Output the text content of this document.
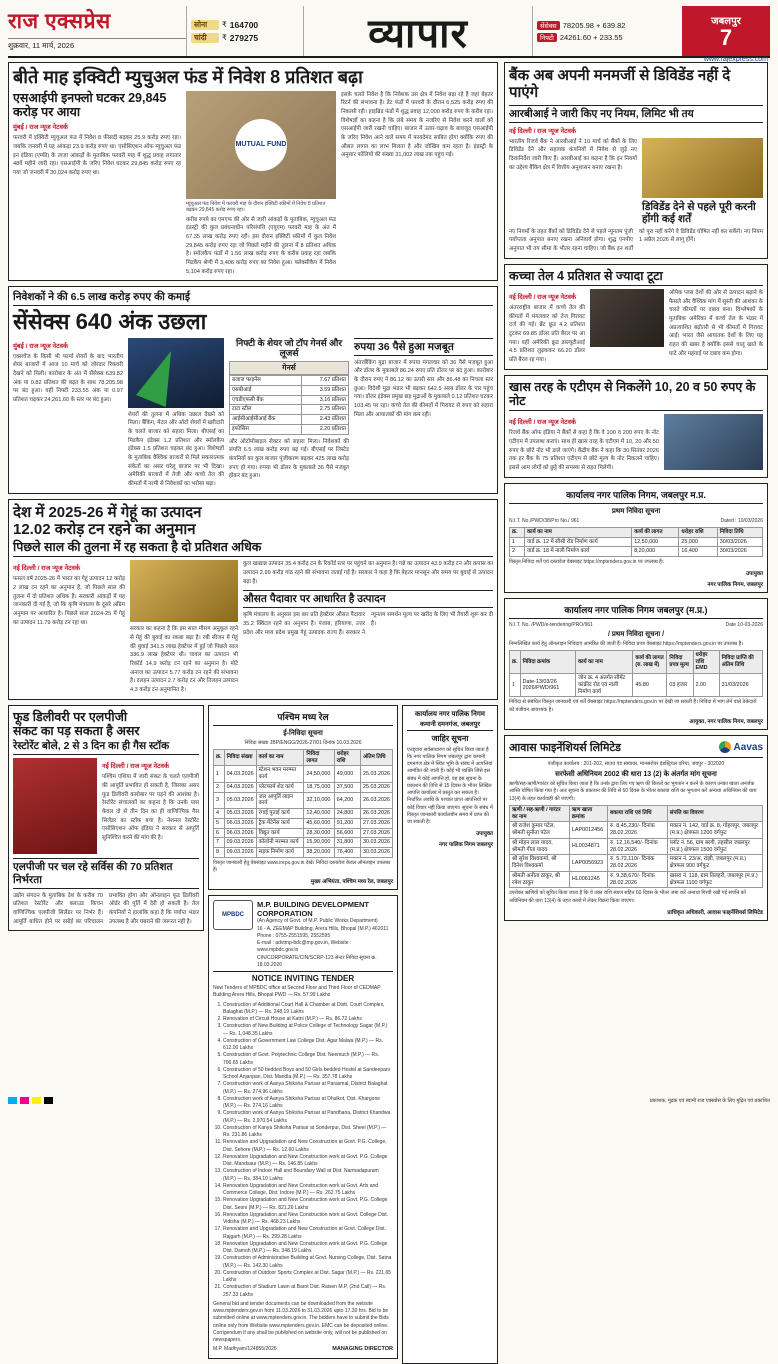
राज एक्सप्रेस
शुक्रवार, 11 मार्च, 2026
सोना	₹ 164700
चांदी	₹ 279275	व्यापार	सेंसेक्स 78205.98 + 639.82
निफ्टी 24261.60 + 233.55
जबलपुर
7
www.rajexpress.com
बीते माह इक्विटी म्युचुअल फंड में निवेश 8 प्रतिशत बढ़ा
एसआईपी इनफ्लो घटकर 29,845 करोड़ पर आया
मुंबई / राज न्यूज नेटवर्क
फरवरी में इक्विटी म्युचुअल फंड में निवेश 8 फीसदी बढ़कर 25.9 करोड़ रुपए रहा। जबकि जनवरी में यह आंकड़ा 23.9 करोड़ रुपए था। एसोसिएशन ऑफ म्युचुअल फंड इन इंडिया (एम्फी) के ताजा आंकड़ों के मुताबिक फरवरी माह में शुद्ध प्रवाह लगातार 48वें महीने जारी रहा। एसआईपी के जरिए निवेश घटकर 29,845 करोड़ रुपए रह गया जो जनवरी में 30,024 करोड़ रुपए था।
MUTUAL FUND
म्युचुअल फंड निवेश में फरवरी माह के दौरान इक्विटी स्कीमों में निवेश 8 प्रतिशत बढ़कर 29,845 करोड़ रुपए रहा।
करीब रुपये का एमएफ की ओर से जारी आंकड़ों के मुताबिक, म्युचुअल फंड इंडस्ट्री की कुल प्रबंधनाधीन परिसंपत्ति (एयूएम) फरवरी माह के अंत में 67.35 लाख करोड़ रुपए रही। इस दौरान इक्विटी स्कीमों में कुल निवेश 29,845 करोड़ रुपए रहा जो पिछले महीने की तुलना में 8 प्रतिशत अधिक है। स्मॉलकैप फंडों में 1.56 लाख करोड़ रुपए के करीब प्रवाह रहा जबकि मिडकैप श्रेणी में 3,406 करोड़ रुपए का निवेश हुआ। फ्लेक्सीकैप में निवेश 5,104 करोड़ रुपए रहा।
इसके चलते निवेश है कि निवेशक उस क्षेत्र में निवेश बढ़ा रहे हैं जहां बेहतर रिटर्न की संभावना है। डेट फंडों में फरवरी के दौरान 6,525 करोड़ रुपए की निकासी रही। हाइब्रिड फंडों में शुद्ध प्रवाह 12,000 करोड़ रुपए के करीब रहा। विशेषज्ञों का कहना है कि लंबे समय के नजरिए से निवेश करने वालों को एसआईपी जारी रखनी चाहिए। बाजार में उतार-चढ़ाव के बावजूद एसआईपी के जरिए निवेश आने वाले समय में फायदेमंद साबित होगा क्योंकि रुपए की औसत लागत का लाभ मिलता है और जोखिम कम रहता है। इंडस्ट्री के अनुसार फोलियो की संख्या 31,002 लाख तक पहुंच गई।
निवेशकों ने की 6.5 लाख करोड़ रुपए की कमाई
सेंसेक्स 640 अंक उछला
मुंबई / राज न्यूज नेटवर्क
एक्सचेंज के किसी भी फार्मा शेयरों के बाद भारतीय शेयर बाजारों में आज 10 मार्च को जोरदार रिकवरी देखने को मिली। कारोबार के अंत में सेंसेक्स 639.82 अंक या 0.82 प्रतिशत की बढ़त के साथ 78,205.98 पर बंद हुआ। वहीं निफ्टी 233.55 अंक या 0.97 प्रतिशत चढ़कर 24,261.60 के स्तर पर बंद हुआ।
शेयरों की तुलना में अधिक उछाल देखने को मिला। बैंकिंग, मेटल और ऑटो शेयरों में खरीदारी के चलते बाजार को सहारा मिला। बीएसई का मिडकैप इंडेक्स 1.2 प्रतिशत और स्मॉलकैप इंडेक्स 1.5 प्रतिशत चढ़कर बंद हुआ। विशेषज्ञों के मुताबिक वैश्विक बाजारों से मिले सकारात्मक संकेतों का असर घरेलू बाजार पर भी दिखा। अमेरिकी बाजारों में तेजी और कच्चे तेल की कीमतों में नरमी से निवेशकों का भरोसा बढ़ा।
निफ्टी के शेयर जो टॉप गेनर्स और लूजर्स
गेनर्स
बजाज फाइनेंस	7.67 प्रतिशत
एसबीआई	3.59 प्रतिशत
एचडीएफसी बैंक	3.16 प्रतिशत
टाटा स्टील	2.75 प्रतिशत
आईसीआईसीआई बैंक	2.43 प्रतिशत
इंफोसिस	2.20 प्रतिशत
और ऑटोमोबाइल सेक्टर को सहारा मिला। निवेशकों की संपत्ति 6.5 लाख करोड़ रुपए बढ़ गई। बीएसई पर लिस्टेड कंपनियों का कुल बाजार पूंजीकरण बढ़कर 425 लाख करोड़ रुपए हो गया। रुपया भी डॉलर के मुकाबले 36 पैसे मजबूत होकर बंद हुआ।
रुपया 36 पैसे हुआ मजबूत
अंतरबैंकिंग मुद्रा बाजार में रुपया मंगलवार को 36 पैसे मजबूत हुआ और डॉलर के मुकाबले 86.24 रुपए प्रति डॉलर पर बंद हुआ। कारोबार के दौरान रुपए ने 86.12 का ऊपरी स्तर और 86.48 का निचला स्तर छुआ। विदेशी मुद्रा भंडार भी बढ़कर 642.5 अरब डॉलर के पार पहुंच गया। डॉलर इंडेक्स प्रमुख छह मुद्राओं के मुकाबले 0.12 प्रतिशत घटकर 103.45 पर रहा। कच्चे तेल की कीमतों में गिरावट से रुपए को सहारा मिला और आयातकों की मांग कम रही।
देश में 2025-26 में गेहूं का उत्पादन
12.02 करोड़ टन रहने का अनुमान
पिछले साल की तुलना में रह सकता है दो प्रतिशत अधिक
नई दिल्ली / राज न्यूज नेटवर्क
फसल वर्ष 2025-26 में भारत का गेहूं उत्पादन 12 करोड़ 2 लाख टन रहने का अनुमान है, जो पिछले साल की तुलना में दो प्रतिशत अधिक है। सरकारी आंकड़ों में यह जानकारी दी गई है, जो कि कृषि मंत्रालय के दूसरे अग्रिम अनुमान पर आधारित है। पिछले साल 2024-25 में गेहूं का उत्पादन 11.79 करोड़ टन रहा था।
सरकार का कहना है कि इस साल मौसम अनुकूल रहने से गेहूं की बुवाई का रकबा बढ़ा है। रबी सीजन में गेहूं की बुवाई 341.5 लाख हेक्टेयर में हुई जो पिछले साल 336.9 लाख हेक्टेयर थी। चावल का उत्पादन भी रिकॉर्ड 14.9 करोड़ टन रहने का अनुमान है। मोटे अनाज का उत्पादन 5.77 करोड़ टन रहने की संभावना है। दलहन उत्पादन 2.7 करोड़ टन और तिलहन उत्पादन 4.3 करोड़ टन अनुमानित है।
कुल खाद्यान्न उत्पादन 35.4 करोड़ टन के रिकॉर्ड स्तर पर पहुंचने का अनुमान है। गन्ने का उत्पादन 43.9 करोड़ टन और कपास का उत्पादन 2.99 करोड़ गांठ रहने की संभावना जताई गई है। सरकार ने कहा है कि बेहतर मानसून और समय पर बुवाई से उत्पादन बढ़ा है।
औसत पैदावार पर आधारित है उत्पादन
कृषि मंत्रालय के अनुसार इस बार प्रति हेक्टेयर औसत पैदावार 35.2 क्विंटल रहने का अनुमान है। पंजाब, हरियाणा, उत्तर प्रदेश और मध्य प्रदेश प्रमुख गेहूं उत्पादक राज्य हैं। सरकार ने न्यूनतम समर्थन मूल्य पर खरीद के लिए भी तैयारी शुरू कर दी है।
फूड डिलीवरी पर एलपीजी
संकट का पड़ सकता है असर
रेस्टोरेंट बोले, 2 से 3 दिन का ही गैस स्टॉक
नई दिल्ली / राज न्यूज नेटवर्क
पश्चिम एशिया में जारी संकट के चलते एलपीजी की आपूर्ति प्रभावित हो सकती है, जिसका असर फूड डिलीवरी कारोबार पर पड़ने की आशंका है। रेस्टोरेंट संचालकों का कहना है कि उनके पास केवल दो से तीन दिन का ही वाणिज्यिक गैस सिलेंडर का स्टॉक बचा है। नेशनल रेस्टोरेंट एसोसिएशन ऑफ इंडिया ने सरकार से आपूर्ति सुनिश्चित करने की मांग की है।
एलपीजी पर चल रहे सर्विस की 70 प्रतिशत निर्भरता
उद्योग संगठन के मुताबिक देश के करीब 70 प्रतिशत रेस्टोरेंट और क्लाउड किचन वाणिज्यिक एलपीजी सिलेंडर पर निर्भर हैं। आपूर्ति बाधित होने पर रसोई का परिचालन प्रभावित होगा और ऑनलाइन फूड डिलीवरी ऑर्डर की पूर्ति में देरी हो सकती है। तेल कंपनियों ने हालांकि कहा है कि पर्याप्त भंडार उपलब्ध है और घबराने की जरूरत नहीं है।
पश्चिम मध्य रेल
ई-निविदा सूचना
निविदा संख्या JBP/ENGG/2026-27/01 दिनांक 10.03.2026
क्र.	निविदा संख्या	कार्य का नाम	निविदा लागत	धरोहर राशि	अंतिम तिथि
1	04.03.2026	स्टेशन भवन मरम्मत कार्य	24,50,000	49,000	25.03.2026
2	04.03.2026	प्लेटफार्म शेड कार्य	18,75,000	37,500	25.03.2026
3	05.03.2026	जल आपूर्ति लाइन कार्य	32,10,000	64,200	26.03.2026
4	05.03.2026	रंगाई पुताई कार्य	12,40,000	24,800	26.03.2026
5	06.03.2026	ट्रैक मेंटेनेंस कार्य	45,60,000	91,200	27.03.2026
6	06.03.2026	विद्युत कार्य	28,30,000	56,600	27.03.2026
7	09.03.2026	कॉलोनी मरम्मत कार्य	15,90,000	31,800	30.03.2026
8	09.03.2026	सड़क निर्माण कार्य	38,20,000	76,400	30.03.2026
विस्तृत जानकारी हेतु वेबसाइट www.ireps.gov.in देखें। निविदा दस्तावेज केवल ऑनलाइन उपलब्ध हैं।
मुख्य अभियंता, पश्चिम मध्य रेल, जबलपुर
MPBDC
M.P. BUILDING DEVELOPMENT CORPORATION
(An Agency of Govt. of M.P. Public Works Department)
16 - A, ZEEMAP Building, Arera Hills, Bhopal (M.P.) 462011
Phone : 0755-2551595, 2552595
E-mail : advtmp-bdc@mp.gov.in, Website : www.mpbdc.gov.in
CIN/CORPORATE/CIN/SCRP-123 सेन्टर निविदा सूचना क्र. 18.03.2026
NOTICE INVITING TENDER
New Tenders of MPBDC office at Second Floor and Third Floor of CEDMAP Building Arera Hills, Bhopal PWD — Rs. 57.99 Lakhs
1. Construction of Additional Court Hall & Chamber at Distt. Court Complex, Balaghat (M.P.) — Rs. 248.19 Lakhs
2. Renovation of Circuit House at Katni (M.P.) — Rs. 86.72 Lakhs
3. Construction of New Building at Police College of Technology Sagar (M.P.) — Rs. 1,048.35 Lakhs
4. Construction of Government Law College Dist. Agar Malwa (M.P.) — Rs. 612.00 Lakhs
5. Construction of Govt. Polytechnic College Dist. Neemuch (M.P.) — Rs. 706.65 Lakhs
6. Construction of 50 bedded Boys and 50 Girls bedded Hostel at Sandeepani School Anjanpan, Dist. Mandla (M.P.) — Rs. 357.78 Lakhs
7. Construction work of Aanya Shiksha Parisar at Parasmal, District Balaghat (M.P.) — Rs. 274.96 Lakhs
8. Construction work of Aanya Shiksha Parisar at Dhulkot, Dist. Khargone (M.P.) — Rs. 274.16 Lakhs
9. Construction work of Aanya Shiksha Parisar at Pandhana, District Khandwa (M.P.) — Rs. 2,970.54 Lakhs
10. Construction of Kanya Shiksha Parisar at Sonderpur, Dist. Sheel (M.P.) — Rs. 231.86 Lakhs
11. Renovation and Upgradation and New Construction at Govt. P.G. College, Dist. Sehore (M.P.) — Rs. 12.60 Lakhs
12. Renovation Upgradation and New Construction work at Govt. P.G. College Dist. Mandsaur (M.P.) — Rs. 146.85 Lakhs
13. Construction of Indoor Hall and Boundary Wall at Dist. Narmadapuram (M.P.) — Rs. 384.10 Lakhs
14. Renovation Upgradation and New Construction work at Govt. Arts and Commerce College, Dist. Indore (M.P.) — Rs. 262.75 Lakhs
15. Renovation Upgradation and New Construction work at Govt. P.G. College Dist. Seoni (M.P.) — Rs. 821.26 Lakhs
16. Renovation Upgradation and New Construction work at Govt. College Dist. Vidisha (M.P.) — Rs. 468.23 Lakhs
17. Renovation and Upgradation and New Construction at Govt. College Dist. Rajgarh (M.P.) — Rs. 299.28 Lakhs
18. Renovation Upgradation and New Construction work at Govt. P.G. College Dist. Damoh (M.P.) — Rs. 348.19 Lakhs
19. Construction of Administrative Building at Govt. Nursing College, Dist. Satna (M.P.) — Rs. 142.30 Lakhs
20. Construction of Outdoor Sports Complex at Dist. Sagar (M.P.) — Rs. 221.65 Lakhs
21. Construction of Stadium Lawn at Barot Dist. Raisen M.P. (2nd Call) — Rs. 257.33 Lakhs
General bid and tender documents can be downloaded from the website www.mptenders.gov.in from 11.03.2026 to 31.03.2026 upto 17.30 hrs. Bid to be submitted online at www.mptenders.gov.in. The bidders have to submit the Bids online only from Website www.mptenders.gov.in. EMC can be deposited online. Corrigendum if any shall be published on website only, will not be published on newspapers.
M.P. Madhyam/124855/2026	MANAGING DIRECTOR
कार्यालय नगर पालिक निगम
कमानी दमनगंज, जबलपुर
जाहिर सूचना
एतद्द्वारा सर्वसाधारण को सूचित किया जाता है कि नगर पालिक निगम जबलपुर द्वारा कमानी दमनगंज क्षेत्र में स्थित भूमि के संबंध में आपत्तियां आमंत्रित की जाती हैं। कोई भी व्यक्ति जिसे इस संबंध में कोई आपत्ति हो, वह इस सूचना के प्रकाशन की तिथि से 15 दिवस के भीतर लिखित आपत्ति कार्यालय में प्रस्तुत कर सकता है। निर्धारित अवधि के पश्चात प्राप्त आपत्तियों पर कोई विचार नहीं किया जाएगा। सूचना के संबंध में विस्तृत जानकारी कार्यालयीन समय में प्राप्त की जा सकती है।
उपायुक्त
नगर पालिक निगम जबलपुर
बैंक अब अपनी मनमर्जी से डिविडेंड नहीं दे पाएंगे
आरबीआई ने जारी किए नए नियम, लिमिट भी तय
नई दिल्ली / राज न्यूज नेटवर्क
भारतीय रिजर्व बैंक ने आरबीआई ने 10 मार्च को बैंकों के लिए डिविडेंड देने और सहायक कंपनियों में निवेश से जुड़े नए दिशानिर्देश जारी किए हैं। आरबीआई का कहना है कि इन नियमों का उद्देश्य बैंकिंग क्षेत्र में वित्तीय अनुशासन बनाए रखना है।
डिविडेंड देने से पहले पूरी करनी होंगी कई शर्तें
नए नियमों के तहत बैंकों को डिविडेंड देने से पहले न्यूनतम पूंजी पर्याप्तता अनुपात बनाए रखना अनिवार्य होगा। शुद्ध एनपीए अनुपात भी तय सीमा के भीतर रहना चाहिए। जो बैंक इन शर्तों को पूरा नहीं करेंगे वे डिविडेंड घोषित नहीं कर सकेंगे। नए नियम 1 अप्रैल 2026 से लागू होंगे।
कच्चा तेल 4 प्रतिशत से ज्यादा टूटा
नई दिल्ली / राज न्यूज नेटवर्क
अंतरराष्ट्रीय बाजार में कच्चे तेल की कीमतों में मंगलवार को तेज गिरावट दर्ज की गई। ब्रेंट क्रूड 4.2 प्रतिशत टूटकर 69.85 डॉलर प्रति बैरल पर आ गया। वहीं अमेरिकी क्रूड डब्ल्यूटीआई 4.5 प्रतिशत लुढ़ककर 66.20 डॉलर प्रति बैरल रह गया।
ओपेक प्लस देशों की ओर से उत्पादन बढ़ाने के फैसले और वैश्विक मांग में सुस्ती की आशंका के चलते कीमतों पर दबाव बना। विश्लेषकों के मुताबिक अमेरिका में कच्चे तेल के भंडार में अप्रत्याशित बढ़ोतरी से भी कीमतों में गिरावट आई। भारत जैसे आयातक देशों के लिए यह राहत की खबर है क्योंकि इससे चालू खाते के घाटे और महंगाई पर दबाव कम होगा।
खास तरह के एटीएम से निकलेंगे 10, 20 व 50 रुपए के नोट
नई दिल्ली / राज न्यूज नेटवर्क
रिजर्व बैंक ऑफ इंडिया ने बैंकों से कहा है कि वे 100 व 200 रुपए के नोट एटीएम में उपलब्ध कराएं। साथ ही खास तरह के एटीएम में 10, 20 और 50 रुपए के छोटे नोट भी डाले जाएंगे। केंद्रीय बैंक ने कहा कि 30 सितंबर 2026 तक हर बैंक के 75 प्रतिशत एटीएम से छोटे मूल्य के नोट निकलने चाहिए। इससे आम लोगों को छुट्टे की समस्या से राहत मिलेगी।
कार्यालय नगर पालिक निगम, जबलपुर म.प्र.
प्रथम निविदा सूचना
N.I.T. No./PWD/38/Pro No./ 961	Dated : 10/03/2026
क्र.	कार्य का नाम	कार्य की लागत	धरोहर राशि	निविदा तिथि
1	वार्ड क्र. 12 में सीसी रोड निर्माण कार्य	12,50,000	25,000	30/03/2026
2	वार्ड क्र. 18 में नाली निर्माण कार्य	8,20,000	16,400	30/03/2026
विस्तृत निविदा शर्तें एवं दस्तावेज वेबसाइट https://mptenders.gov.in पर उपलब्ध हैं।
उपायुक्त
नगर पालिक निगम, जबलपुर
कार्यालय नगर पालिक निगम जबलपुर (म.प्र.)
N.I.T. No. /PWD/e-tendering/PRO/961	Date 10-03-2026
/ प्रथम निविदा सूचना /
निम्नलिखित कार्य हेतु ऑनलाइन निविदाएं आमंत्रित की जाती हैं। निविदा प्रपत्र वेबसाइट https://mptenders.gov.in पर उपलब्ध हैं।
क्र.	निविदा क्रमांक	कार्य का नाम	कार्य की लागत (रु. लाख में)	निविदा प्रपत्र मूल्य	धरोहर राशि EMD	निविदा प्राप्ति की अंतिम तिथि
1	Date-13/03/26 2026/PWD/961	जोन क्र. 4 अंतर्गत सीमेंट कांक्रीट रोड एवं नाली निर्माण कार्य	45.80	03 हजार	2.00	31/03/2026
निविदा से संबंधित विस्तृत जानकारी एवं शर्तें वेबसाइट https://mptenders.gov.in पर देखी जा सकती हैं। निविदा में भाग लेने वाले ठेकेदारों को पंजीयन आवश्यक है।
आयुक्त, नगर पालिक निगम, जबलपुर
आवास फाइनेंशियर्स लिमिटेड	Aavas
पंजीकृत कार्यालय : 201-202, साउथ एंड स्क्वायर, मानसरोवर इंडस्ट्रियल एरिया, जयपुर - 302020
सरफेसी अधिनियम 2002 की धारा 13 (2) के अंतर्गत मांग सूचना
ऋणी/सह-ऋणी/गारंटर को सूचित किया जाता है कि उनके द्वारा लिए गए ऋण की किश्तों का भुगतान न करने के कारण उनका खाता अनर्जक आस्ति घोषित किया गया है। अतः सूचना के प्रकाशन की तिथि से 60 दिवस के भीतर बकाया राशि का भुगतान करें अन्यथा अधिनियम की धारा 13(4) के तहत कार्यवाही की जाएगी।
ऋणी / सह-ऋणी / गारंटर का नाम	ऋण खाता क्रमांक	बकाया राशि एवं तिथि	संपत्ति का विवरण
श्री राजेश कुमार पटेल, श्रीमती सुनीता पटेल	LAP0012456	रु. 8,45,230/- दिनांक 28.02.2026	मकान नं. 142, वार्ड क्र. 8, गोहलपुर, जबलपुर (म.प्र.) क्षेत्रफल 1200 वर्गफुट
श्री मोहन लाल यादव, श्रीमती गीता यादव	HL0034871	रु. 12,16,540/- दिनांक 28.02.2026	प्लॉट नं. 56, ग्राम बरगी, तहसील जबलपुर (म.प्र.) क्षेत्रफल 1500 वर्गफुट
श्री सुरेश विश्वकर्मा, श्री दिनेश विश्वकर्मा	LAP0056923	रु. 5,72,110/- दिनांक 28.02.2026	मकान नं. 23/अ, रांझी, जबलपुर (म.प्र.) क्षेत्रफल 900 वर्गफुट
श्रीमती अनीता ठाकुर, श्री रमेश ठाकुर	HL0061245	रु. 9,38,670/- दिनांक 28.02.2026	खसरा नं. 118, ग्राम तिलहरी, जबलपुर (म.प्र.) क्षेत्रफल 1100 वर्गफुट
उपरोक्त ऋणियों को सूचित किया जाता है कि वे उक्त राशि ब्याज सहित 60 दिवस के भीतर जमा करें अन्यथा गिरवी रखी गई संपत्ति को अधिनियम की धारा 13(4) के तहत कब्जे में लेकर विक्रय किया जाएगा।
प्राधिकृत अधिकारी, आवास फाइनेंशियर्स लिमिटेड
प्रकाशक, मुद्रक एवं स्वामी राज एक्सप्रेस के लिए मुद्रित एवं प्रकाशित
